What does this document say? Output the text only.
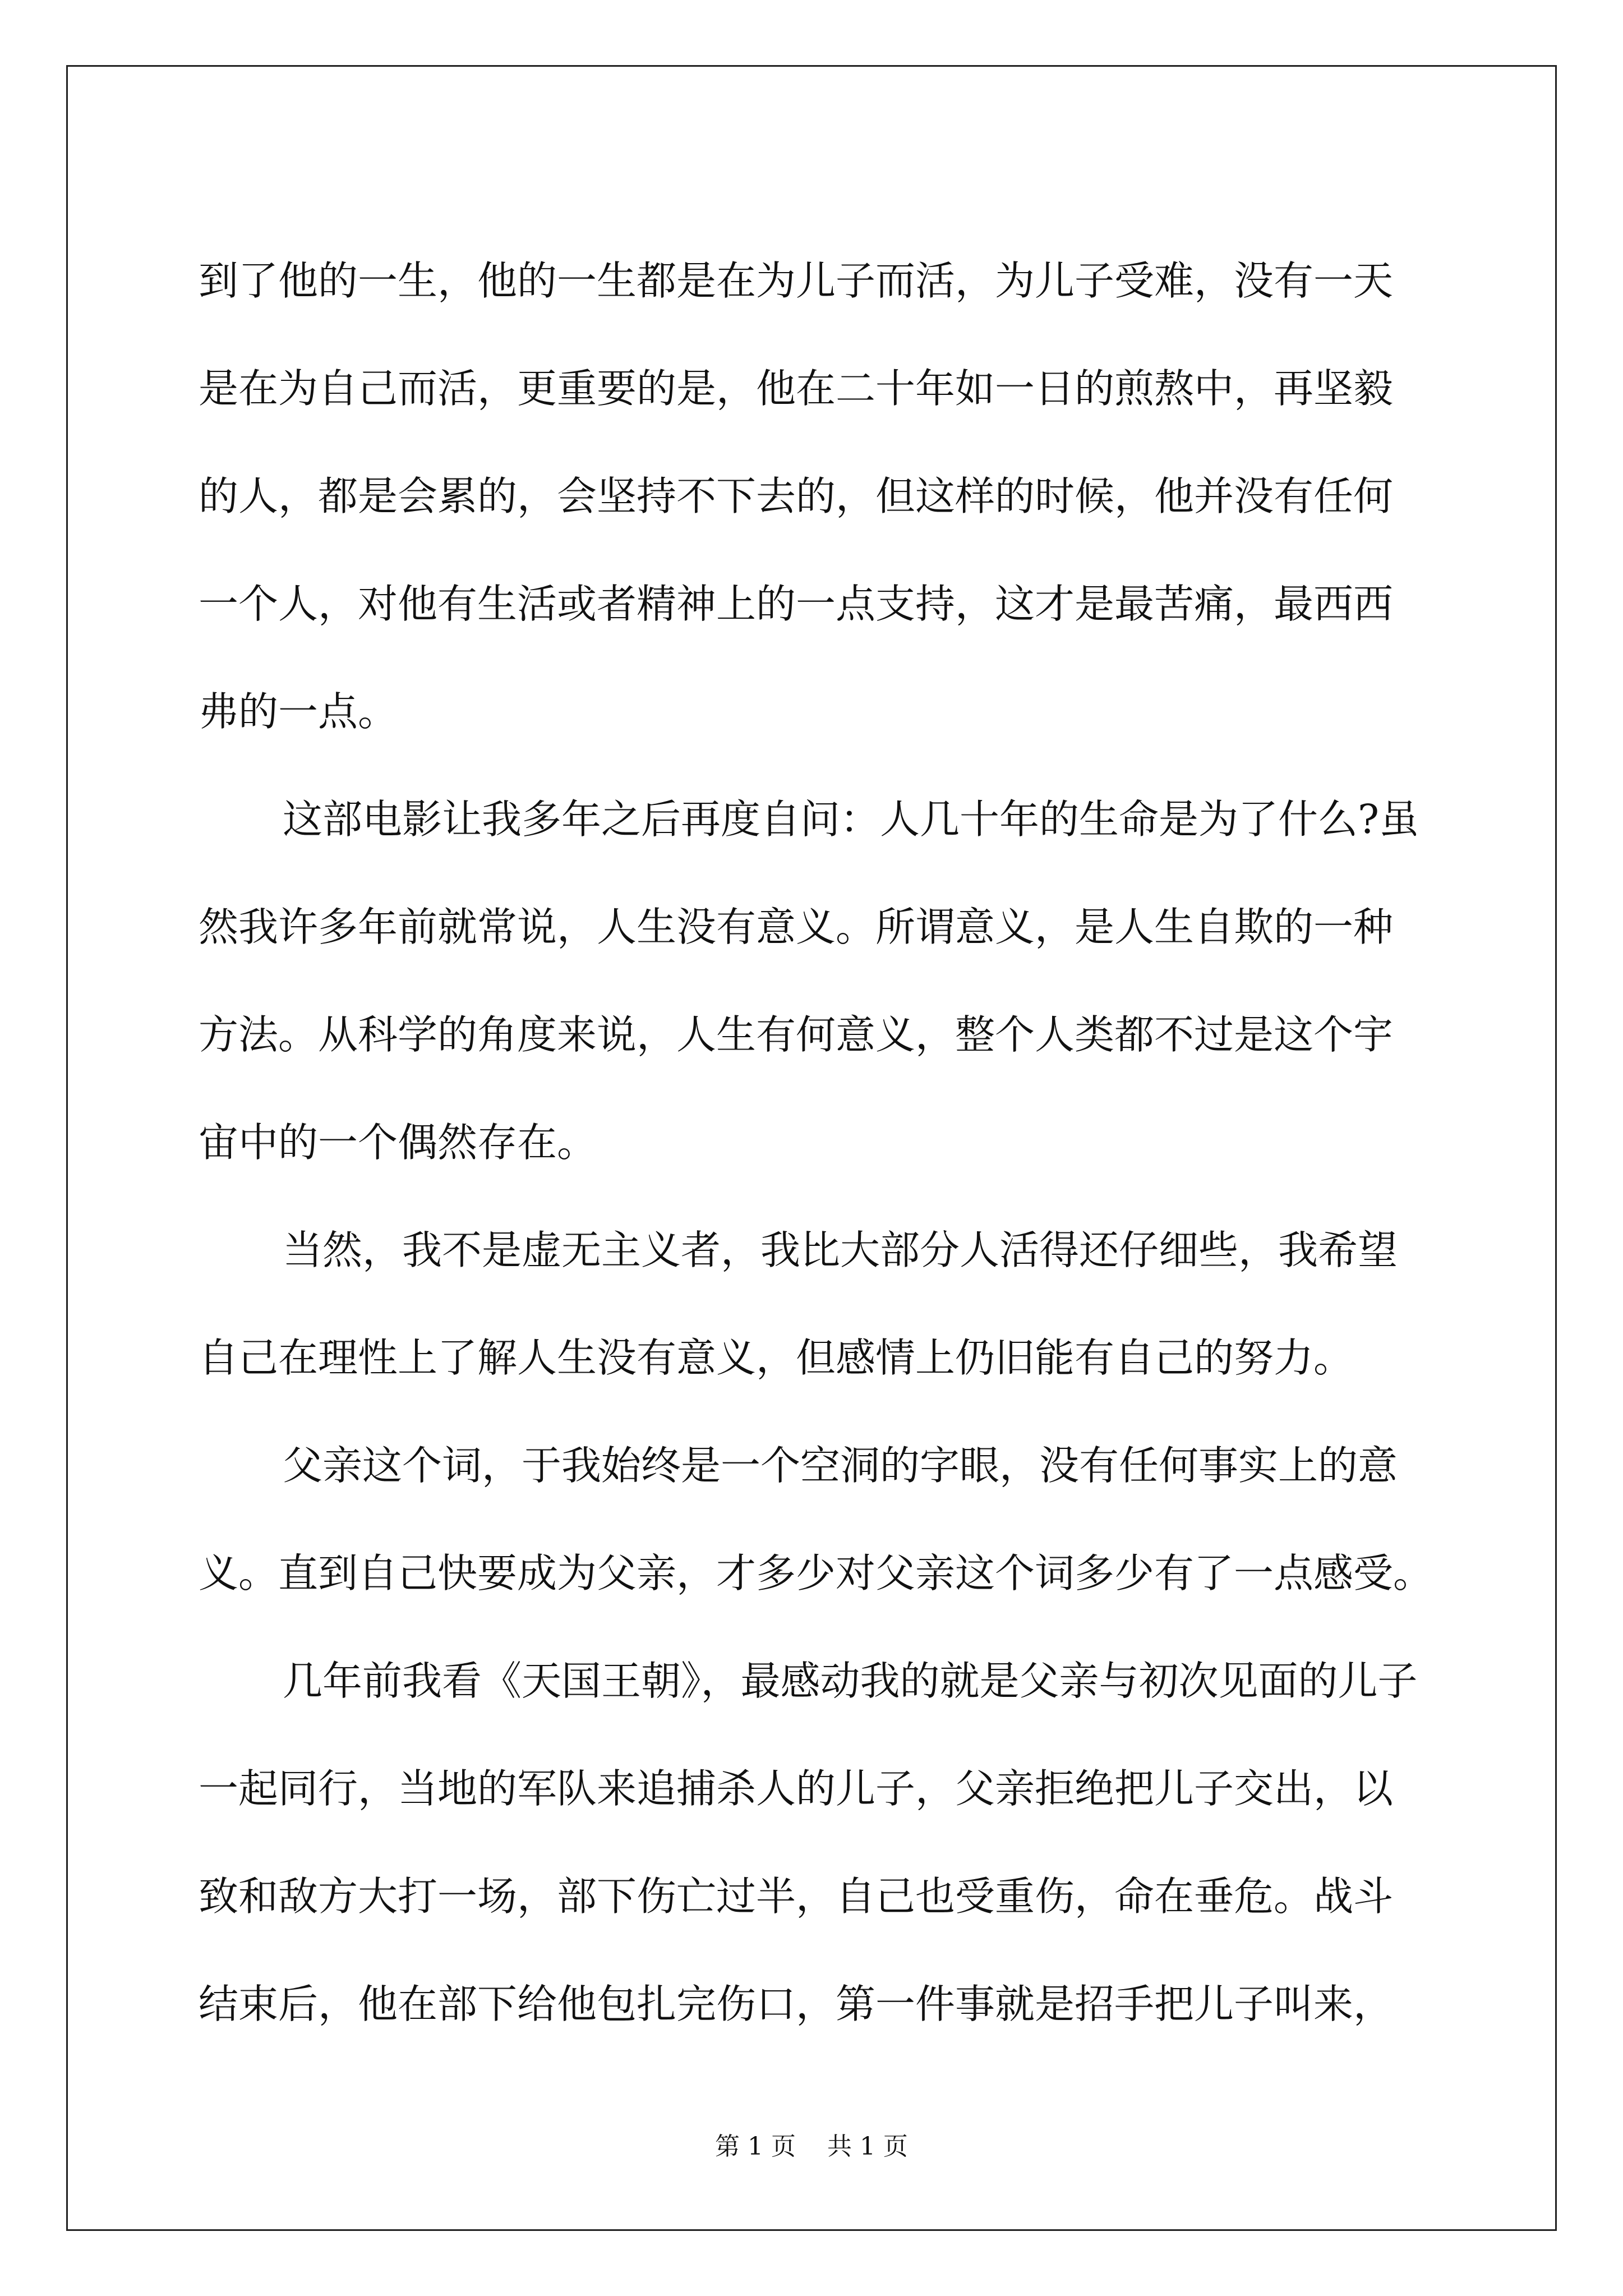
到了他的一生，他的一生都是在为儿子而活，为儿子受难，没有一天
是在为自己而活，更重要的是，他在二十年如一日的煎熬中，再坚毅
的人，都是会累的，会坚持不下去的，但这样的时候，他并没有任何
一个人，对他有生活或者精神上的一点支持，这才是最苦痛，最西西
弗的一点。
这部电影让我多年之后再度自问：人几十年的生命是为了什么?虽
然我许多年前就常说，人生没有意义。所谓意义，是人生自欺的一种
方法。从科学的角度来说，人生有何意义，整个人类都不过是这个宇
宙中的一个偶然存在。
当然，我不是虚无主义者，我比大部分人活得还仔细些，我希望
自己在理性上了解人生没有意义，但感情上仍旧能有自己的努力。
父亲这个词，于我始终是一个空洞的字眼，没有任何事实上的意
义。直到自己快要成为父亲，才多少对父亲这个词多少有了一点感受。
几年前我看《天国王朝》，最感动我的就是父亲与初次见面的儿子
一起同行，当地的军队来追捕杀人的儿子，父亲拒绝把儿子交出，以
致和敌方大打一场，部下伤亡过半，自己也受重伤，命在垂危。战斗
结束后，他在部下给他包扎完伤口，第一件事就是招手把儿子叫来，
第 1 页    共 1 页
